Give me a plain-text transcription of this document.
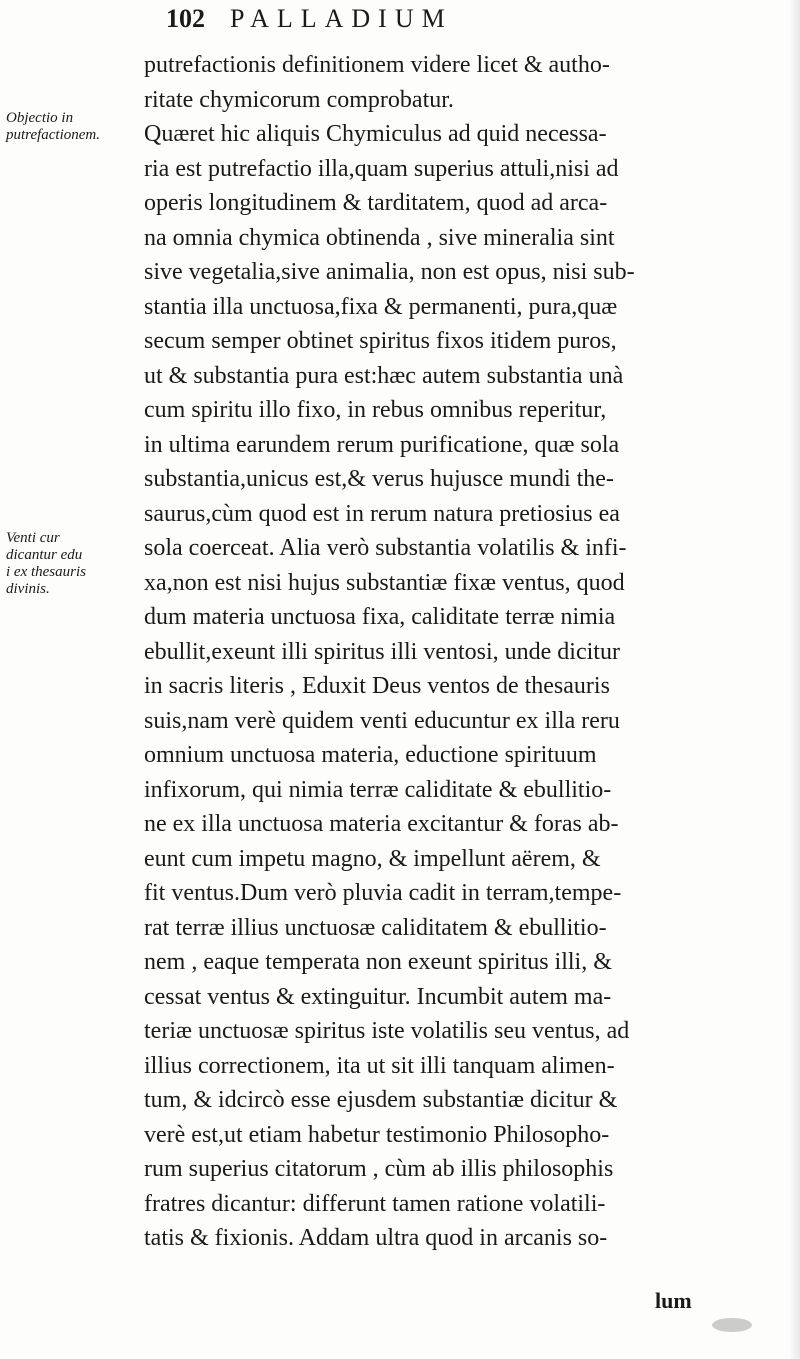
102 PALLADIUM
Objectio in putrefactionem.
Venti cur dicantur edu i ex thesauris divinis.
putrefactionis definitionem videre licet & autho-
ritate chymicorum comprobatur.
Quæret hic aliquis Chymiculus ad quid necessa-
ria est putrefactio illa,quam superius attuli,nisi ad
operis longitudinem & tarditatem, quod ad arca-
na omnia chymica obtinenda , sive mineralia sint
sive vegetalia,sive animalia, non est opus, nisi sub-
stantia illa unctuosa,fixa & permanenti, pura,quæ
secum semper obtinet spiritus fixos itidem puros,
ut & substantia pura est:hæc autem substantia unà
cum spiritu illo fixo, in rebus omnibus reperitur,
in ultima earundem rerum purificatione, quæ sola
substantia,unicus est,& verus hujusce mundi the-
saurus,cùm quod est in rerum natura pretiosius ea
sola coerceat. Alia verò substantia volatilis & infi-
xa,non est nisi hujus substantiæ fixæ ventus, quod
dum materia unctuosa fixa, caliditate terræ nimia
ebullit,exeunt illi spiritus illi ventosi, unde dicitur
in sacris literis , Eduxit Deus ventos de thesauris
suis,nam verè quidem venti educuntur ex illa reru
omnium unctuosa materia, eductione spirituum
infixorum, qui nimia terræ caliditate & ebullitio-
ne ex illa unctuosa materia excitantur & foras ab-
eunt cum impetu magno, & impellunt aërem, &
fit ventus.Dum verò pluvia cadit in terram,tempe-
rat terræ illius unctuosæ caliditatem & ebullitio-
nem , eaque temperata non exeunt spiritus illi, &
cessat ventus & extinguitur. Incumbit autem ma-
teriæ unctuosæ spiritus iste volatilis seu ventus, ad
illius correctionem, ita ut sit illi tanquam alimen-
tum, & idcircò esse ejusdem substantiæ dicitur &
verè est,ut etiam habetur testimonio Philosopho-
rum superius citatorum , cùm ab illis philosophis
fratres dicantur: differunt tamen ratione volatili-
tatis & fixionis. Addam ultra quod in arcanis so-
lum
